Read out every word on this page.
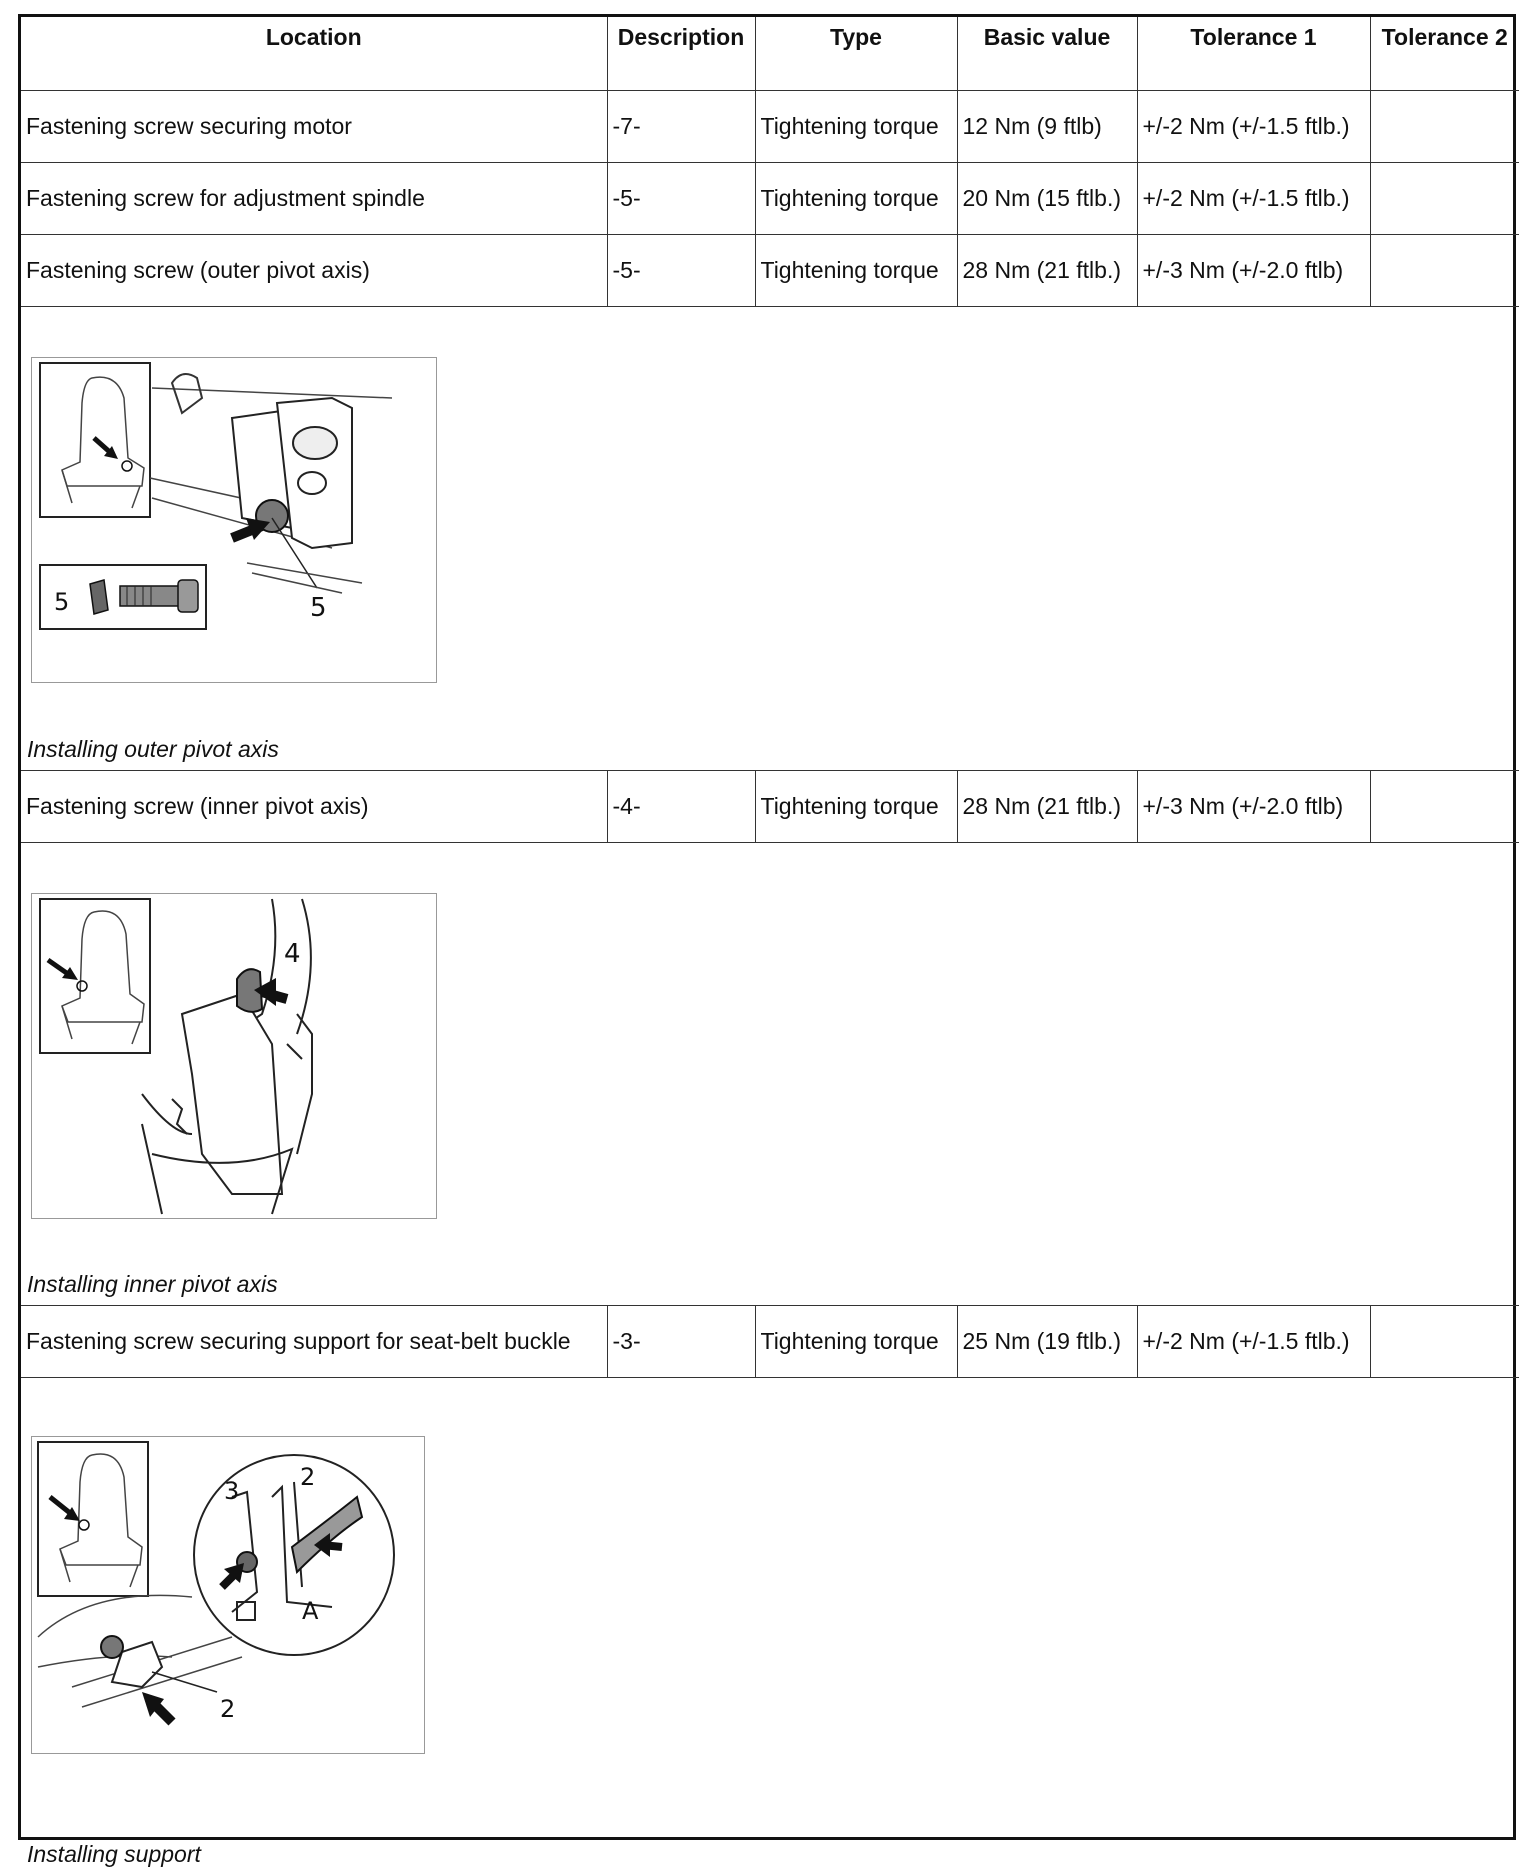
Location	Description	Type	Basic value	Tolerance 1	Tolerance 2
Fastening screw securing motor	-7-	Tightening torque	12 Nm (9 ftlb)	+/-2 Nm (+/-1.5 ftlb.)	
Fastening screw for adjustment spindle	-5-	Tightening torque	20 Nm (15 ftlb.)	+/-2 Nm (+/-1.5 ftlb.)	
Fastening screw (outer pivot axis)	-5-	Tightening torque	28 Nm (21 ftlb.)	+/-3 Nm (+/-2.0 ftlb)	

5
5
Installing outer pivot axis					

Fastening screw (inner pivot axis)	-4-	Tightening torque	28 Nm (21 ftlb.)	+/-3 Nm (+/-2.0 ftlb)	

4
Installing inner pivot axis					

Fastening screw securing support for seat-belt buckle	-3-	Tightening torque	25 Nm (19 ftlb.)	+/-2 Nm (+/-1.5 ftlb.)	

2
3 2
A
Installing support					
